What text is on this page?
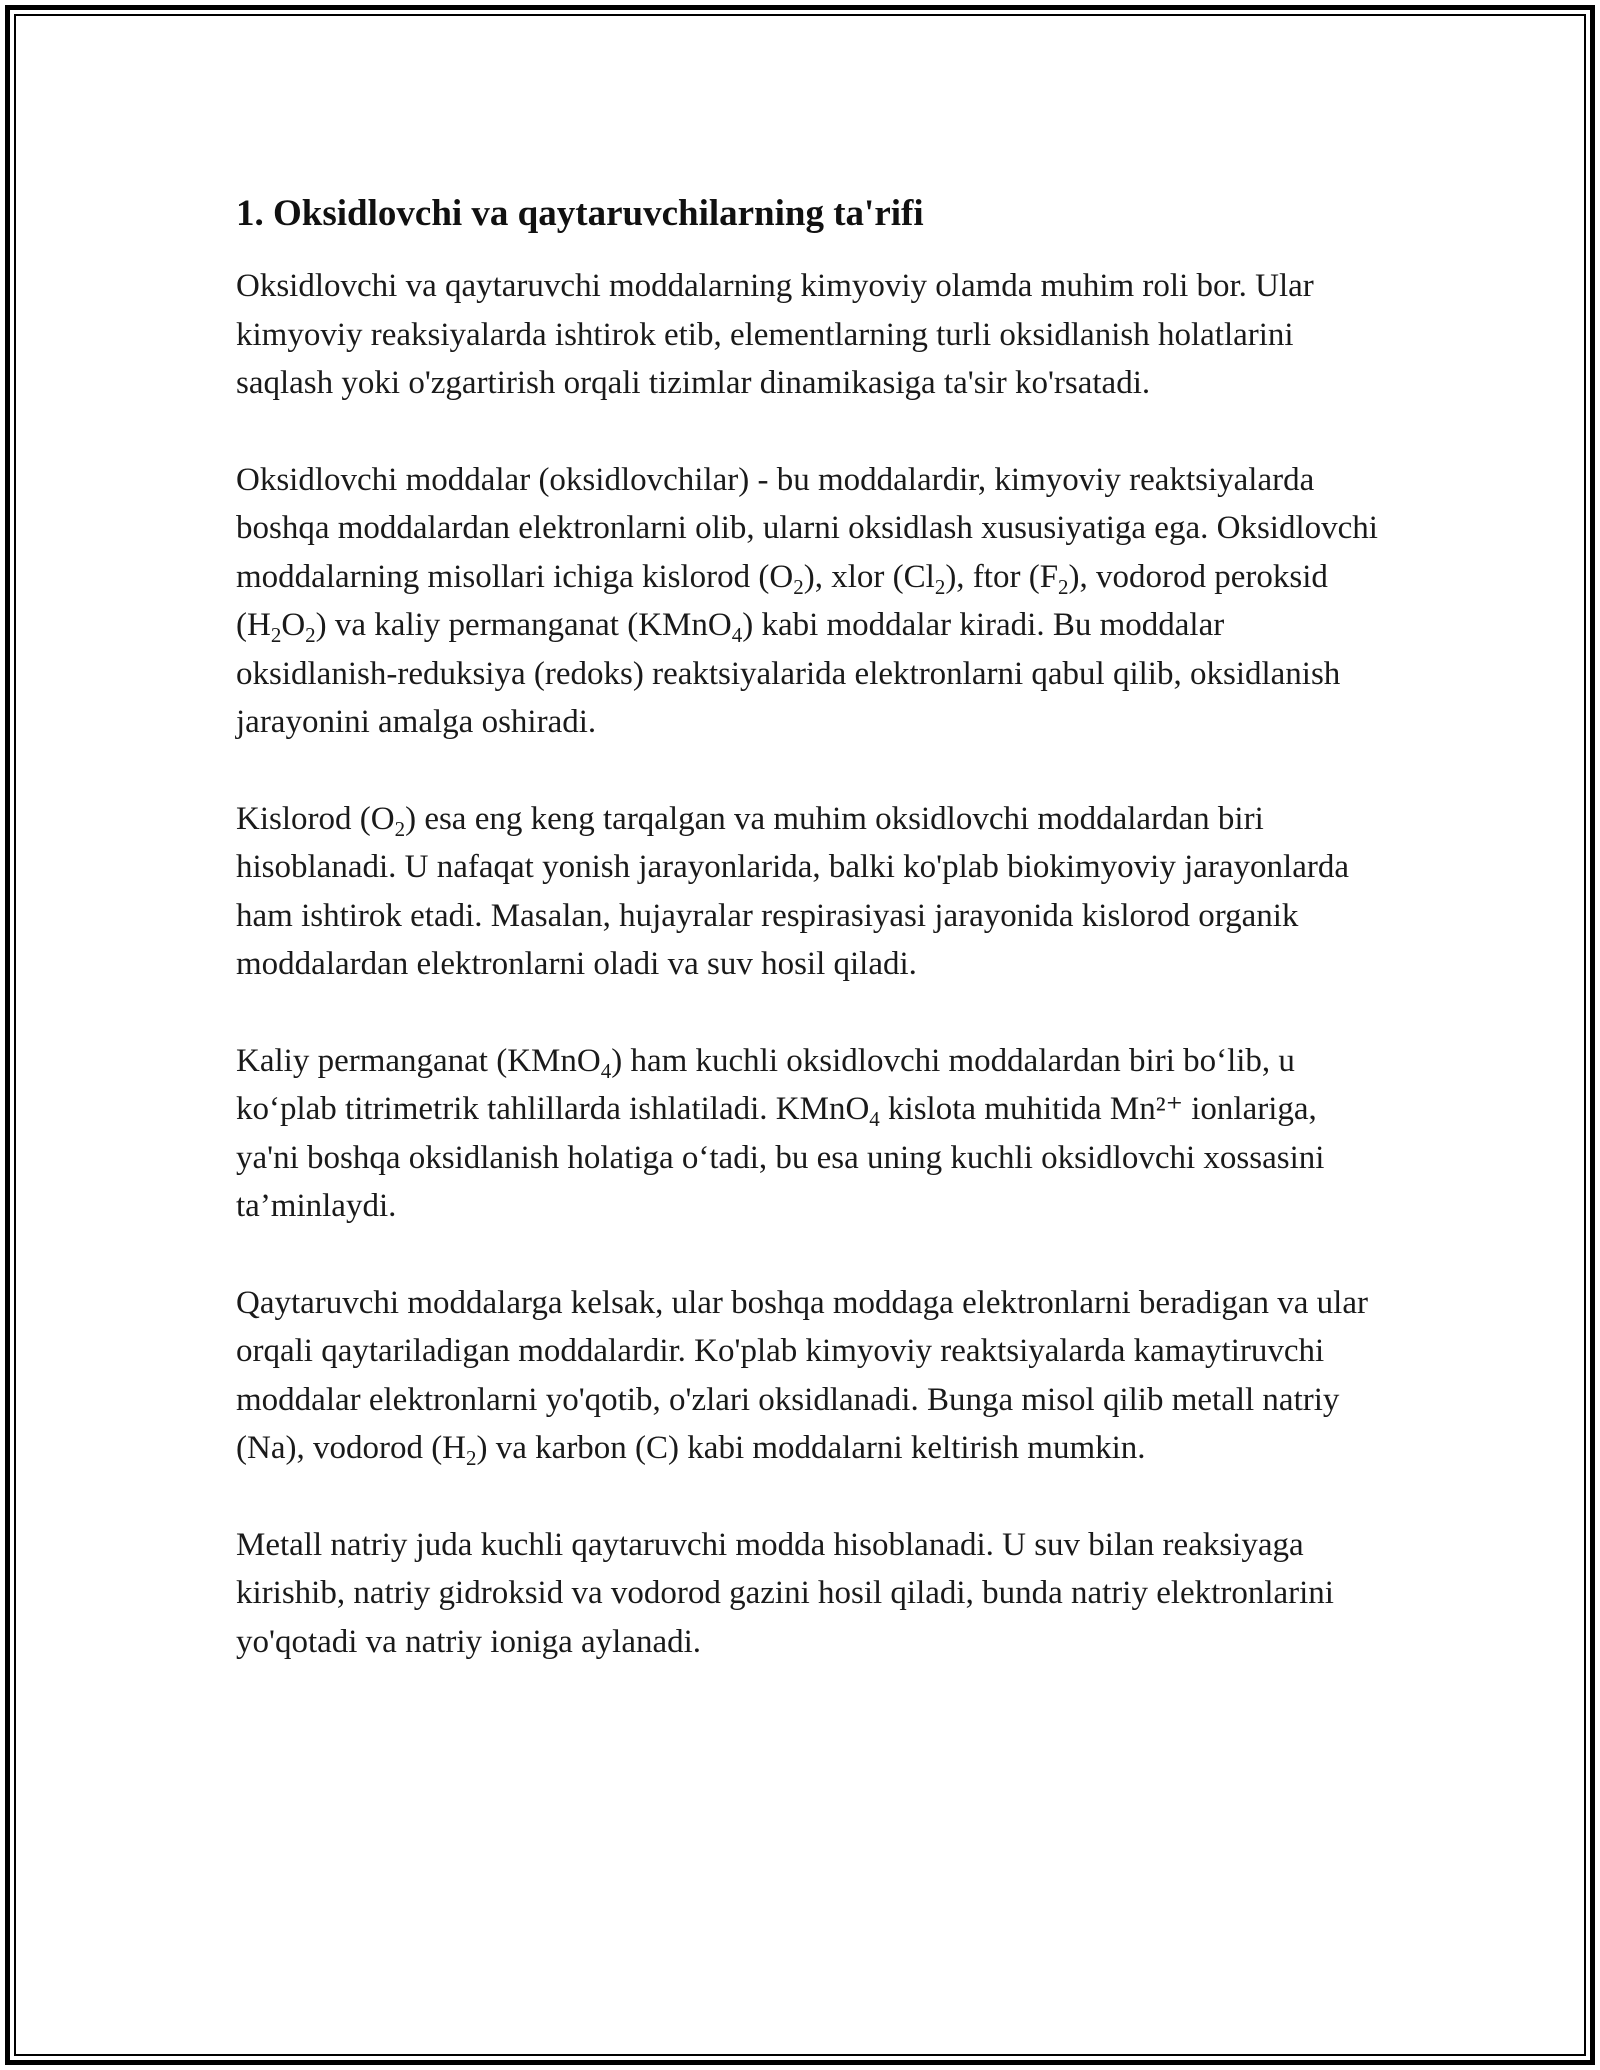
1. Oksidlovchi va qaytaruvchilarning ta'rifi

Oksidlovchi va qaytaruvchi moddalarning kimyoviy olamda muhim roli bor. Ular kimyoviy reaksiyalarda ishtirok etib, elementlarning turli oksidlanish holatlarini saqlash yoki o'zgartirish orqali tizimlar dinamikasiga ta'sir ko'rsatadi.

Oksidlovchi moddalar (oksidlovchilar) - bu moddalardir, kimyoviy reaktsiyalarda boshqa moddalardan elektronlarni olib, ularni oksidlash xususiyatiga ega. Oksidlovchi moddalarning misollari ichiga kislorod $(O_2)$, xlor $(Cl_2)$, ftor $(F_2)$, vodorod peroksid $(H_2O_2)$ va kaliy permanganat (KMnO$_4$) kabi moddalar kiradi. Bu moddalar oksidlanish-reduksiya (redoks) reaktsiyalarida elektronlarni qabul qilib, oksidlanish jarayonini amalga oshiradi.

Kislorod $(O_2)$ esa eng keng tarqalgan va muhim oksidlovchi moddalardan biri hisoblanadi. U nafaqat yonish jarayonlarida, balki ko'plab biokimyoviy jarayonlarda ham ishtirok etadi. Masalan, hujayralar respirasiyasi jarayonida kislorod organik moddalardan elektronlarni oladi va suv hosil qiladi.

Kaliy permanganat (KMnO$_4$) ham kuchli oksidlovchi moddalardan biri bo‘lib, u ko‘plab titrimetrik tahlillarda ishlatiladi. KMnO$_4$ kislota muhitida Mn²⁺ ionlariga, ya'ni boshqa oksidlanish holatiga o‘tadi, bu esa uning kuchli oksidlovchi xossasini ta’minlaydi.

Qaytaruvchi moddalarga kelsak, ular boshqa moddaga elektronlarni beradigan va ular orqali qaytariladigan moddalardir. Ko'plab kimyoviy reaktsiyalarda kamaytiruvchi moddalar elektronlarni yo'qotib, o'zlari oksidlanadi. Bunga misol qilib metall natriy (Na), vodorod $(H_2)$ va karbon (C) kabi moddalarni keltirish mumkin.

Metall natriy juda kuchli qaytaruvchi modda hisoblanadi. U suv bilan reaksiyaga kirishib, natriy gidroksid va vodorod gazini hosil qiladi, bunda natriy elektronlarini yo'qotadi va natriy ioniga aylanadi.
